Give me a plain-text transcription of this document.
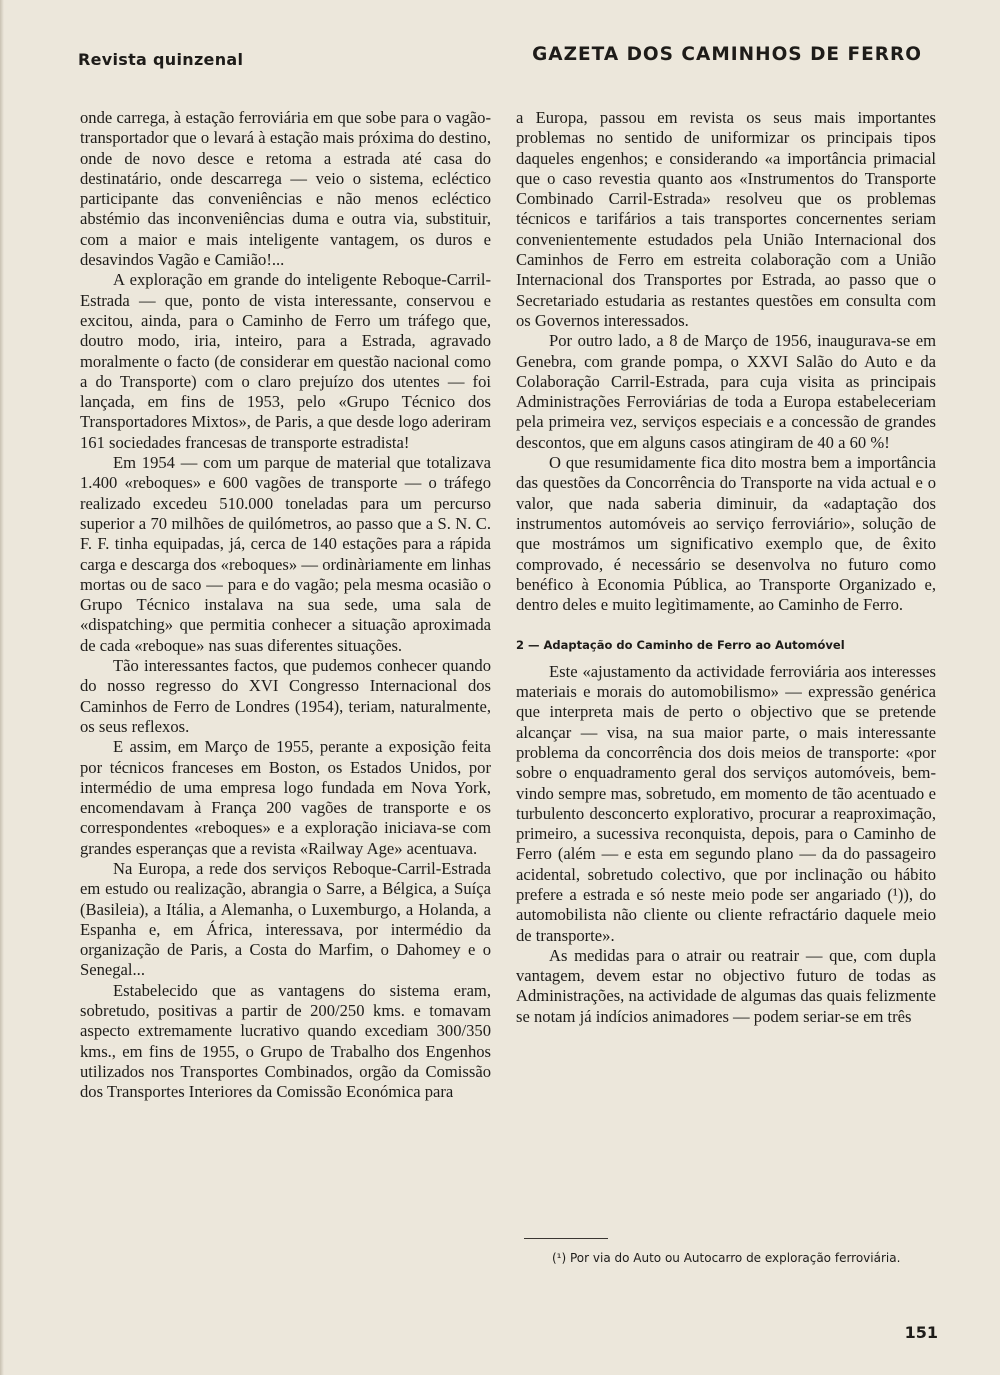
Revista quinzenal	GAZETA DOS CAMINHOS DE FERRO

onde carrega, à estação ferroviária em que sobe para o vagão-transportador que o levará à estação mais próxima do destino, onde de novo desce e retoma a estrada até casa do destinatário, onde descarrega — veio o sistema, ecléctico participante das conveniências e não menos ecléctico abstémio das inconveniências duma e outra via, substituir, com a maior e mais inteligente vantagem, os duros e desavindos Vagão e Camião!...

A exploração em grande do inteligente Reboque-Carril-Estrada — que, ponto de vista interessante, conservou e excitou, ainda, para o Caminho de Ferro um tráfego que, doutro modo, iria, inteiro, para a Estrada, agravado moralmente o facto (de considerar em questão nacional como a do Transporte) com o claro prejuízo dos utentes — foi lançada, em fins de 1953, pelo «Grupo Técnico dos Transportadores Mixtos», de Paris, a que desde logo aderiram 161 sociedades francesas de transporte estradista!

Em 1954 — com um parque de material que totalizava 1.400 «reboques» e 600 vagões de transporte — o tráfego realizado excedeu 510.000 toneladas para um percurso superior a 70 milhões de quilómetros, ao passo que a S. N. C. F. F. tinha equipadas, já, cerca de 140 estações para a rápida carga e descarga dos «reboques» — ordinàriamente em linhas mortas ou de saco — para e do vagão; pela mesma ocasião o Grupo Técnico instalava na sua sede, uma sala de «dispatching» que permitia conhecer a situação aproximada de cada «reboque» nas suas diferentes situações.

Tão interessantes factos, que pudemos conhecer quando do nosso regresso do XVI Congresso Internacional dos Caminhos de Ferro de Londres (1954), teriam, naturalmente, os seus reflexos.

E assim, em Março de 1955, perante a exposição feita por técnicos franceses em Boston, os Estados Unidos, por intermédio de uma empresa logo fundada em Nova York, encomendavam à França 200 vagões de transporte e os correspondentes «reboques» e a exploração iniciava-se com grandes esperanças que a revista «Railway Age» acentuava.

Na Europa, a rede dos serviços Reboque-Carril-Estrada em estudo ou realização, abrangia o Sarre, a Bélgica, a Suíça (Basileia), a Itália, a Alemanha, o Luxemburgo, a Holanda, a Espanha e, em África, interessava, por intermédio da organização de Paris, a Costa do Marfim, o Dahomey e o Senegal...

Estabelecido que as vantagens do sistema eram, sobretudo, positivas a partir de 200/250 kms. e tomavam aspecto extremamente lucrativo quando excediam 300/350 kms., em fins de 1955, o Grupo de Trabalho dos Engenhos utilizados nos Transportes Combinados, orgão da Comissão dos Transportes Interiores da Comissão Económica para

a Europa, passou em revista os seus mais importantes problemas no sentido de uniformizar os principais tipos daqueles engenhos; e considerando «a importância primacial que o caso revestia quanto aos «Instrumentos do Transporte Combinado Carril-Estrada» resolveu que os problemas técnicos e tarifários a tais transportes concernentes seriam convenientemente estudados pela União Internacional dos Caminhos de Ferro em estreita colaboração com a União Internacional dos Transportes por Estrada, ao passo que o Secretariado estudaria as restantes questões em consulta com os Governos interessados.

Por outro lado, a 8 de Março de 1956, inaugurava-se em Genebra, com grande pompa, o XXVI Salão do Auto e da Colaboração Carril-Estrada, para cuja visita as principais Administrações Ferroviárias de toda a Europa estabeleceriam pela primeira vez, serviços especiais e a concessão de grandes descontos, que em alguns casos atingiram de 40 a 60 %!

O que resumidamente fica dito mostra bem a importância das questões da Concorrência do Transporte na vida actual e o valor, que nada saberia diminuir, da «adaptação dos instrumentos automóveis ao serviço ferroviário», solução de que mostrámos um significativo exemplo que, de êxito comprovado, é necessário se desenvolva no futuro como benéfico à Economia Pública, ao Transporte Organizado e, dentro deles e muito legìtimamente, ao Caminho de Ferro.

2 — Adaptação do Caminho de Ferro ao Automóvel

Este «ajustamento da actividade ferroviária aos interesses materiais e morais do automobilismo» — expressão genérica que interpreta mais de perto o objectivo que se pretende alcançar — visa, na sua maior parte, o mais interessante problema da concorrência dos dois meios de transporte: «por sobre o enquadramento geral dos serviços automóveis, bem-vindo sempre mas, sobretudo, em momento de tão acentuado e turbulento desconcerto explorativo, procurar a reaproximação, primeiro, a sucessiva reconquista, depois, para o Caminho de Ferro (além — e esta em segundo plano — da do passageiro acidental, sobretudo colectivo, que por inclinação ou hábito prefere a estrada e só neste meio pode ser angariado (¹)), do automobilista não cliente ou cliente refractário daquele meio de transporte».

As medidas para o atrair ou reatrair — que, com dupla vantagem, devem estar no objectivo futuro de todas as Administrações, na actividade de algumas das quais felizmente se notam já indícios animadores — podem seriar-se em três

(¹) Por via do Auto ou Autocarro de exploração ferroviária.
151
